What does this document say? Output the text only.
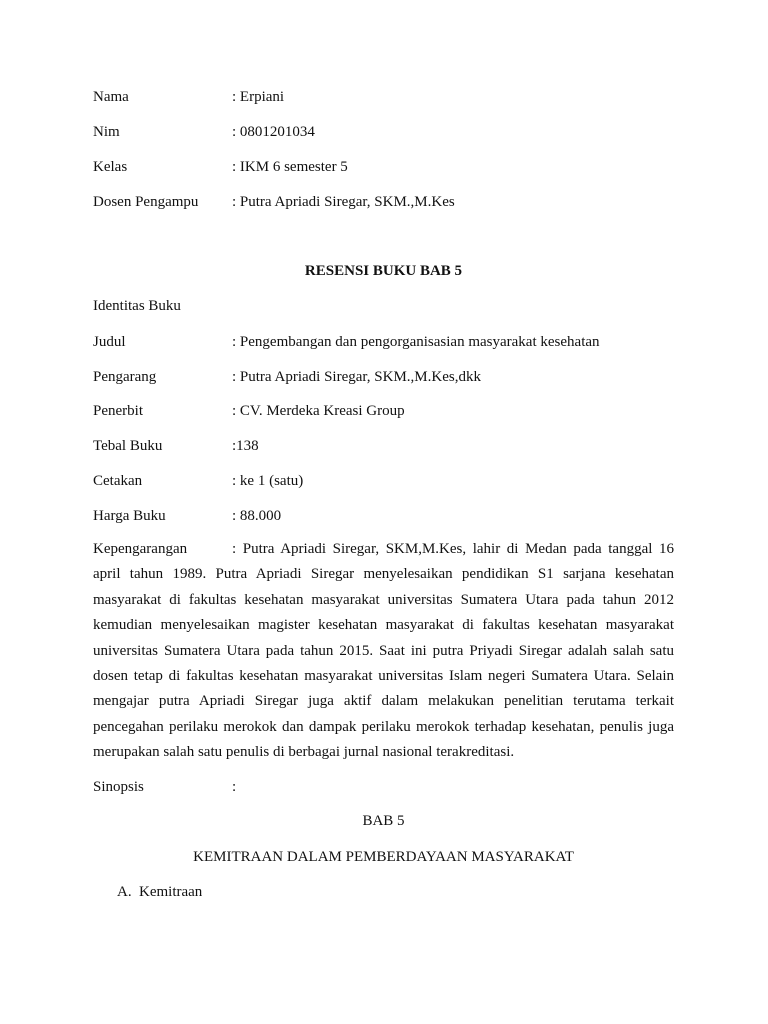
Nama	: Erpiani
Nim	: 0801201034
Kelas	: IKM 6 semester 5
Dosen Pengampu : Putra Apriadi Siregar, SKM.,M.Kes
RESENSI BUKU BAB 5
Identitas Buku
Judul	: Pengembangan dan pengorganisasian masyarakat kesehatan
Pengarang	: Putra Apriadi Siregar, SKM.,M.Kes,dkk
Penerbit	: CV. Merdeka Kreasi Group
Tebal Buku	:138
Cetakan	: ke 1 (satu)
Harga Buku	: 88.000

Kepengarangan	: Putra Apriadi Siregar, SKM,M.Kes, lahir di Medan pada tanggal 16 april tahun 1989. Putra Apriadi Siregar menyelesaikan pendidikan S1 sarjana kesehatan masyarakat di fakultas kesehatan masyarakat universitas Sumatera Utara pada tahun 2012 kemudian menyelesaikan magister kesehatan masyarakat di fakultas kesehatan masyarakat universitas Sumatera Utara pada tahun 2015. Saat ini putra Priyadi Siregar adalah salah satu dosen tetap di fakultas kesehatan masyarakat universitas Islam negeri Sumatera Utara. Selain mengajar putra Apriadi Siregar juga aktif dalam melakukan penelitian terutama terkait pencegahan perilaku merokok dan dampak perilaku merokok terhadap kesehatan, penulis juga merupakan salah satu penulis di berbagai jurnal nasional terakreditasi.

Sinopsis	:
BAB 5
KEMITRAAN DALAM PEMBERDAYAAN MASYARAKAT
A. Kemitraan
